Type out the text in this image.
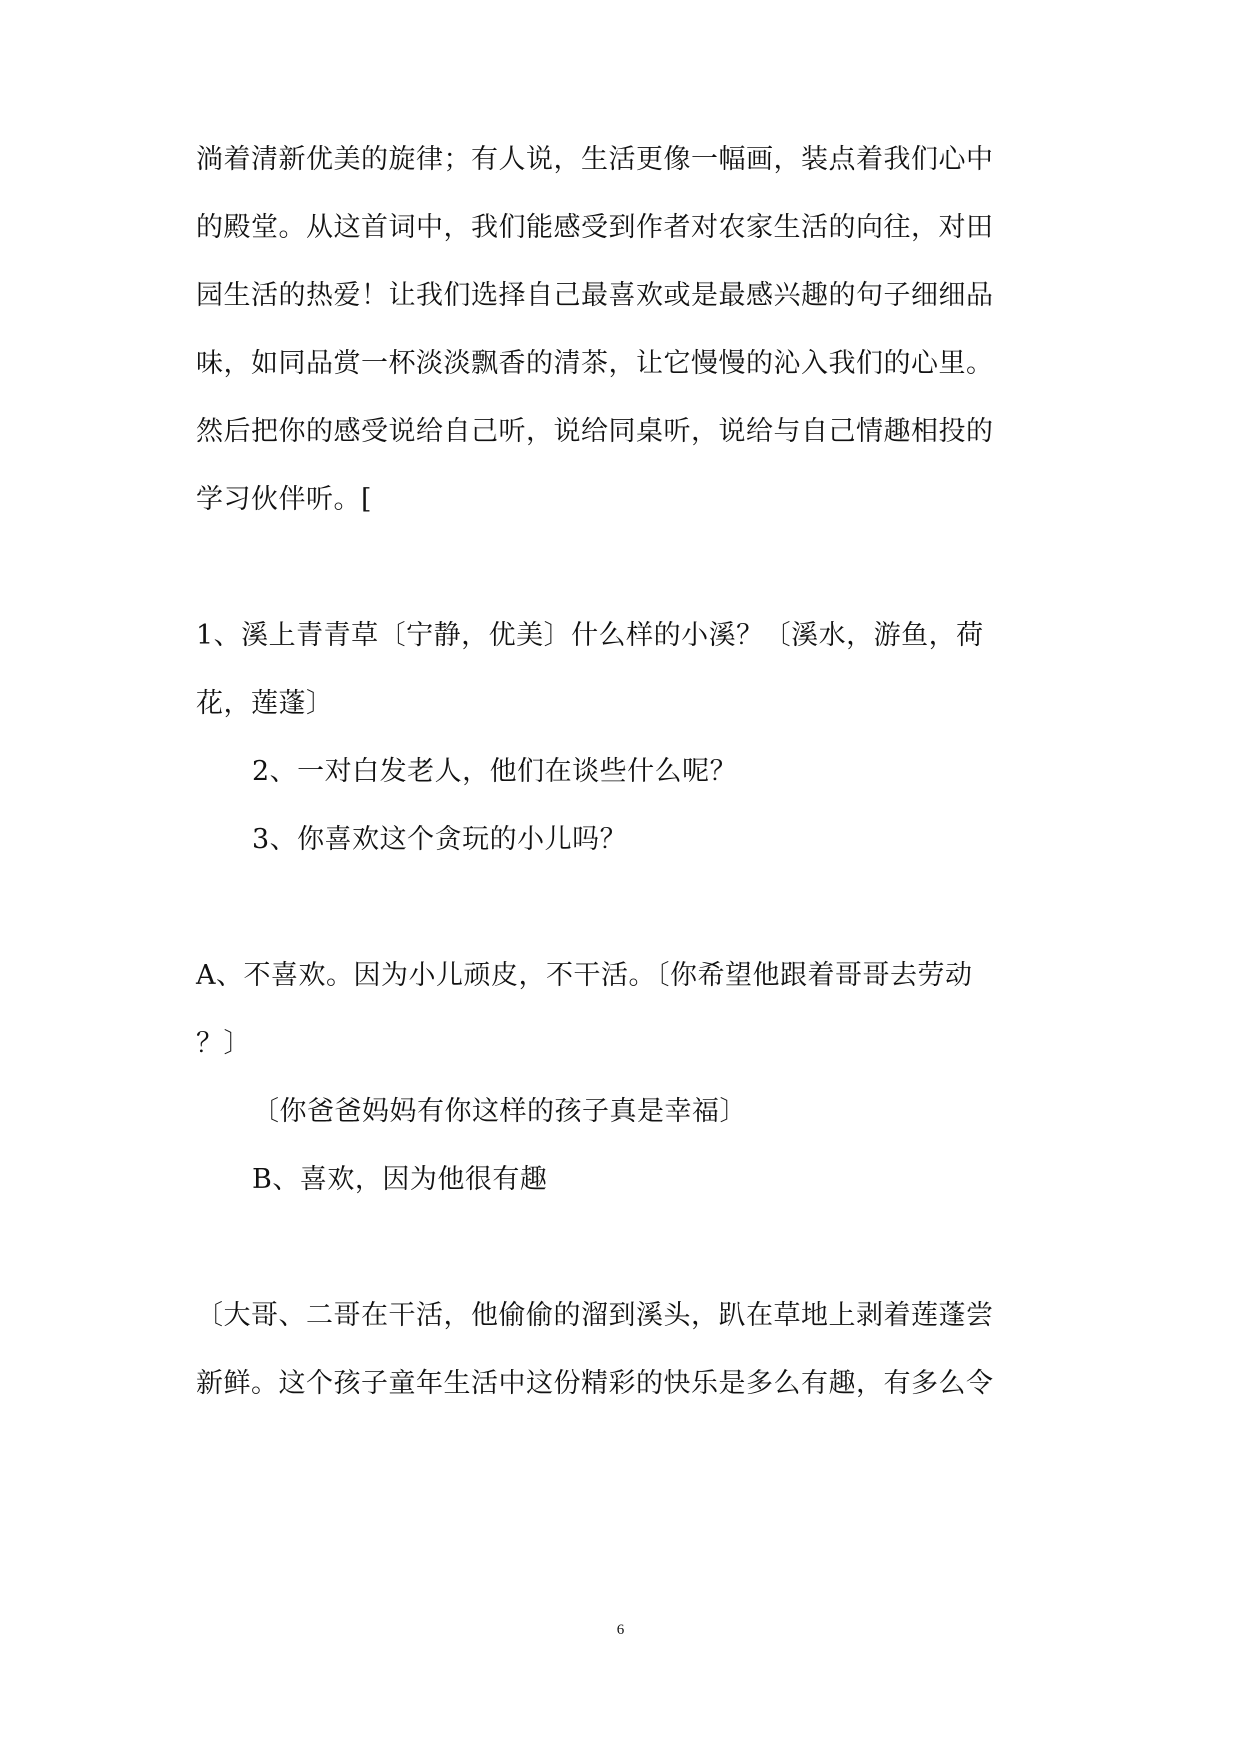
淌着清新优美的旋律；有人说，生活更像一幅画，装点着我们心中
的殿堂。从这首词中，我们能感受到作者对农家生活的向往，对田
园生活的热爱！让我们选择自己最喜欢或是最感兴趣的句子细细品
味，如同品赏一杯淡淡飘香的清茶，让它慢慢的沁入我们的心里。
然后把你的感受说给自己听，说给同桌听，说给与自己情趣相投的
学习伙伴听。[
1、溪上青青草〔宁静，优美〕什么样的小溪？〔溪水，游鱼，荷
花，莲蓬〕
2、一对白发老人，他们在谈些什么呢？
3、你喜欢这个贪玩的小儿吗？
A、不喜欢。因为小儿顽皮，不干活。〔你希望他跟着哥哥去劳动
？〕
〔你爸爸妈妈有你这样的孩子真是幸福〕
B、喜欢，因为他很有趣
〔大哥、二哥在干活，他偷偷的溜到溪头，趴在草地上剥着莲蓬尝
新鲜。这个孩子童年生活中这份精彩的快乐是多么有趣，有多么令
6
